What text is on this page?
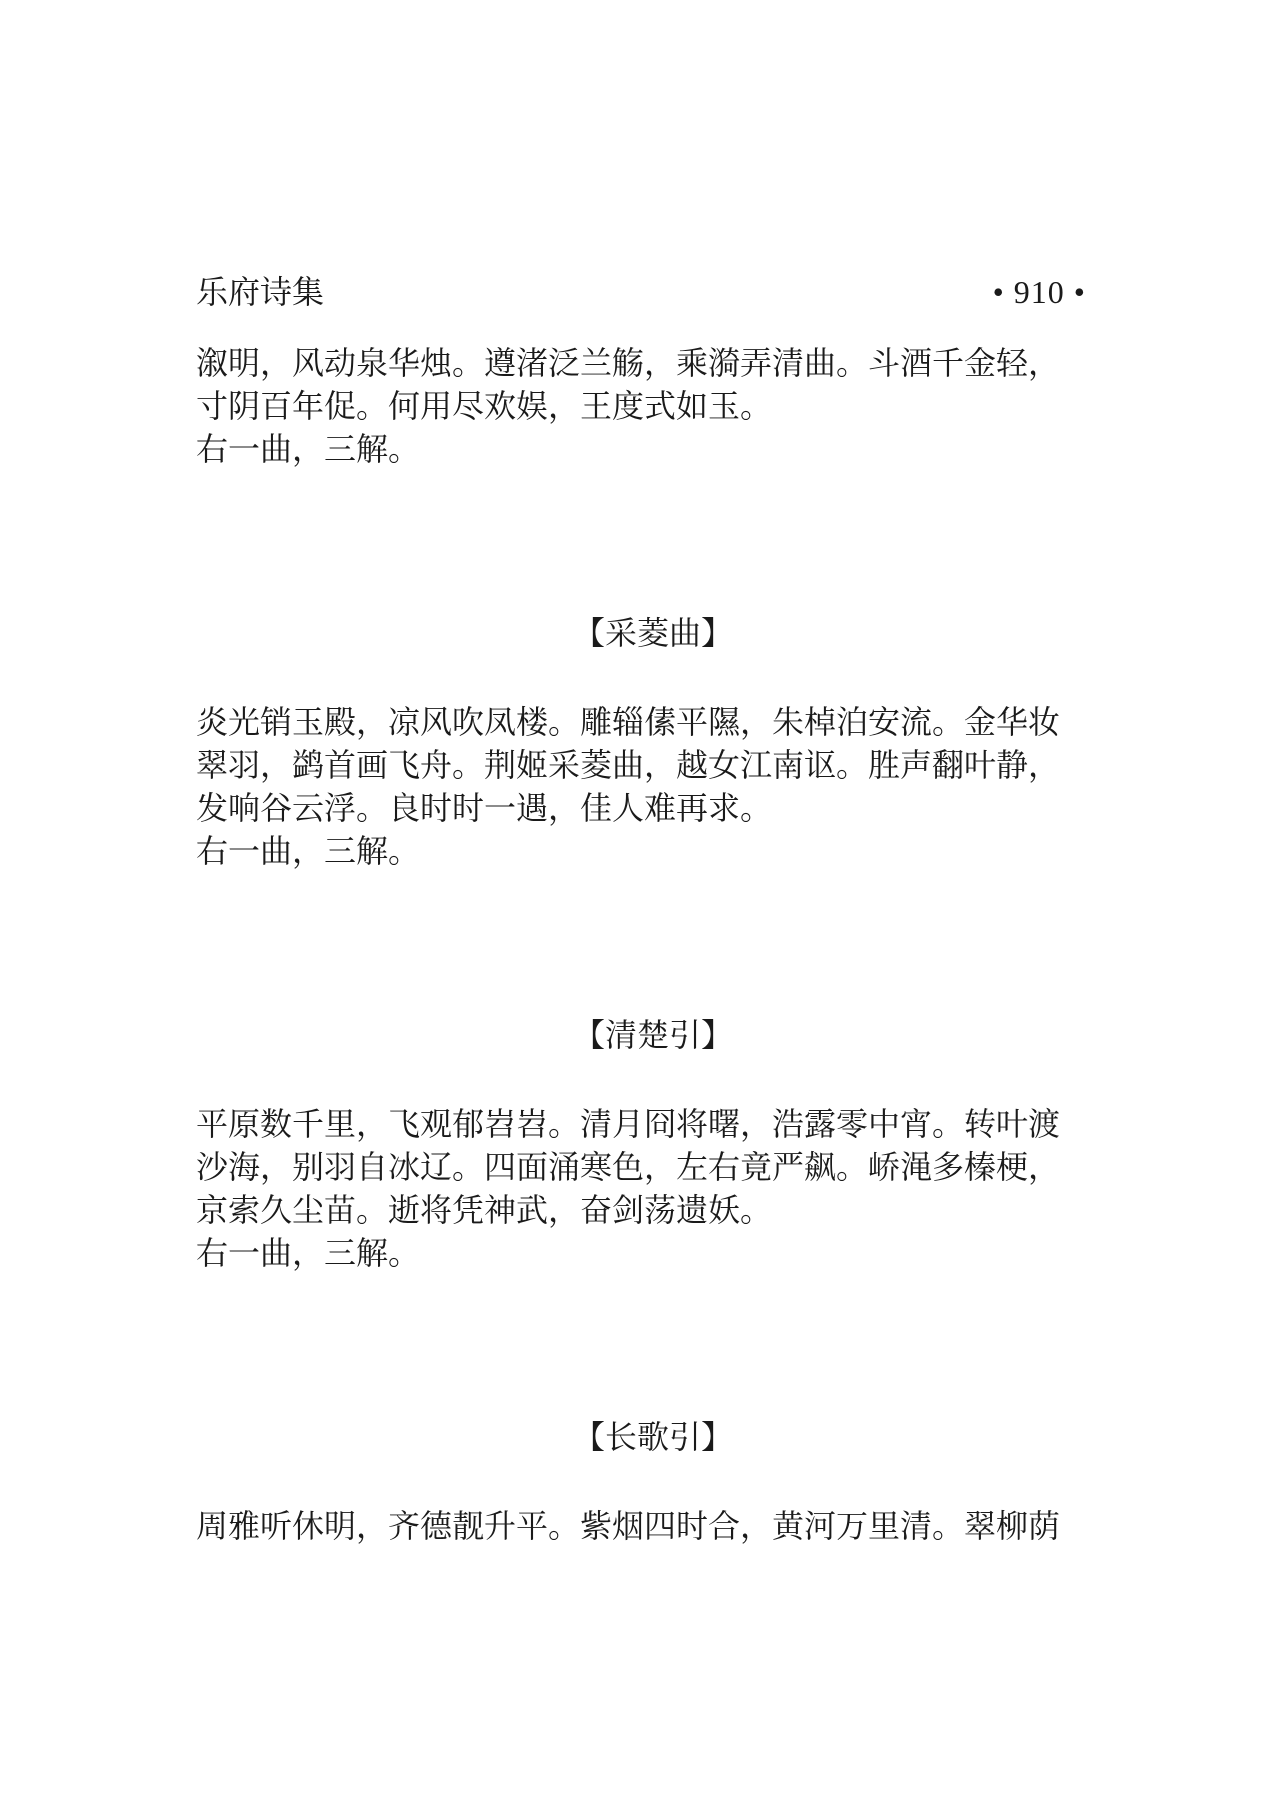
乐府诗集	• 910 •

溆明，风动泉华烛。遵渚泛兰觞，乘漪弄清曲。斗酒千金轻，

寸阴百年促。何用尽欢娱，王度式如玉。

右一曲，三解。

【采菱曲】

炎光销玉殿，凉风吹凤楼。雕辎傃平隰，朱棹泊安流。金华妆

翠羽，鹢首画飞舟。荆姬采菱曲，越女江南讴。胜声翻叶静，

发响谷云浮。良时时一遇，佳人难再求。

右一曲，三解。

【清楚引】

平原数千里，飞观郁岧岧。清月冏将曙，浩露零中宵。转叶渡

沙海，别羽自冰辽。四面涌寒色，左右竟严飙。峤渑多榛梗，

京索久尘苗。逝将凭神武，奋剑荡遗妖。

右一曲，三解。

【长歌引】

周雅听休明，齐德靓升平。紫烟四时合，黄河万里清。翠柳荫
